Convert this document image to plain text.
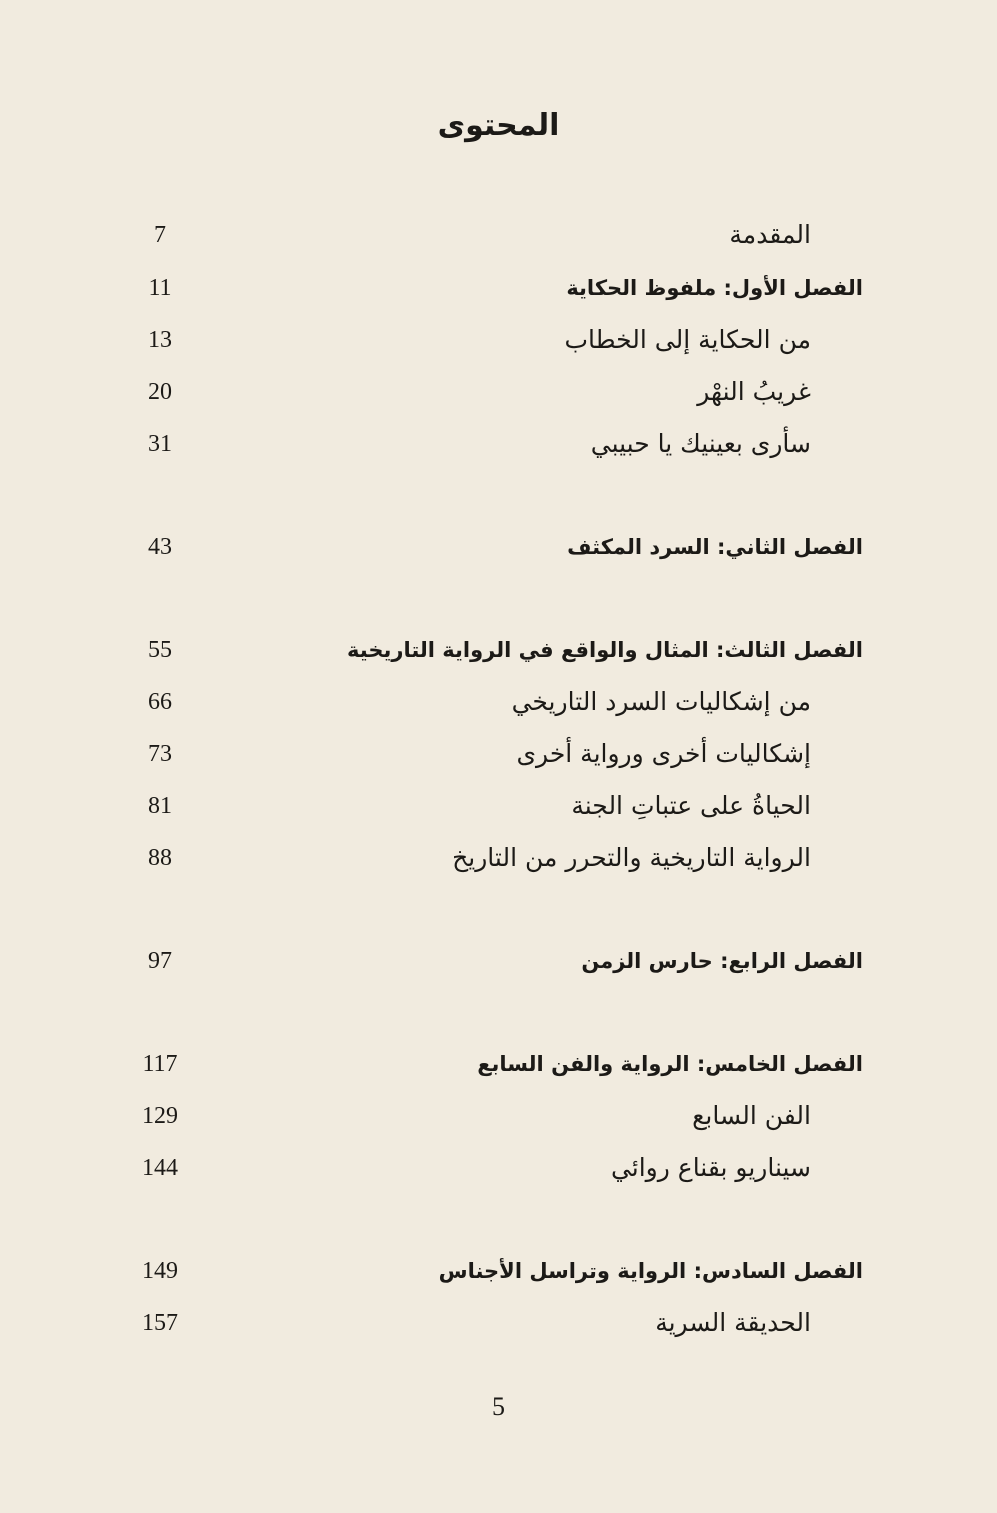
المحتوى
المقدمة
7
الفصل الأول: ملفوظ الحكاية
11
من الحكاية إلى الخطاب
13
غريبُ النهْر
20
سأرى بعينيك يا حبيبي
31
الفصل الثاني: السرد المكثف
43
الفصل الثالث: المثال والواقع في الرواية التاريخية
55
من إشكاليات السرد التاريخي
66
إشكاليات أخرى ورواية أخرى
73
الحياةُ على عتباتِ الجنة
81
الرواية التاريخية والتحرر من التاريخ
88
الفصل الرابع: حارس الزمن
97
الفصل الخامس: الرواية والفن السابع
117
الفن السابع
129
سيناريو بقناع روائي
144
الفصل السادس: الرواية وتراسل الأجناس
149
الحديقة السرية
157
5
